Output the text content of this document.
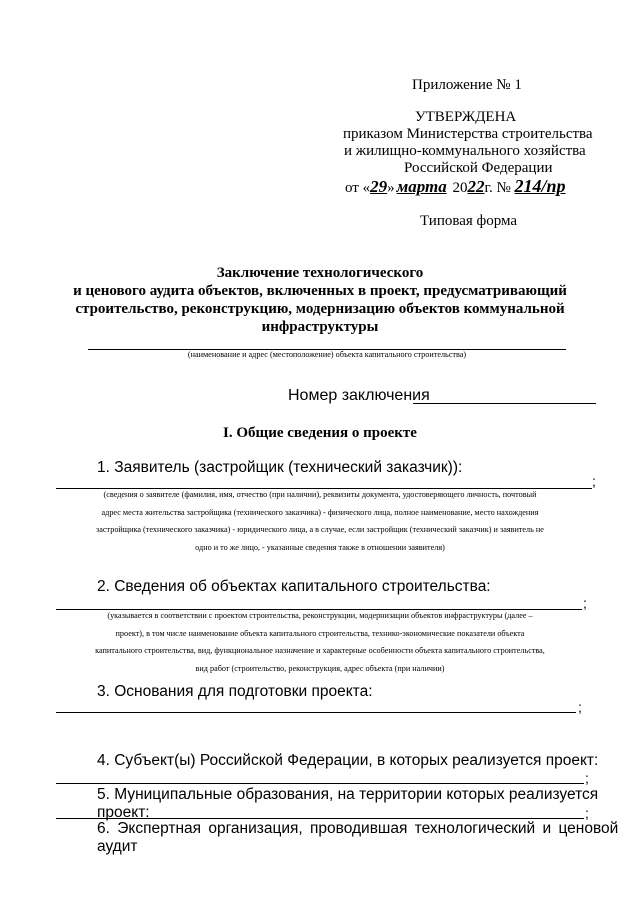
Приложение № 1
УТВЕРЖДЕНА
приказом Министерства строительства
и жилищно-коммунального хозяйства
Российской Федерации
от «29» марта 2022г. № 214/пр
Типовая форма
Заключение технологического
и ценового аудита объектов, включенных в проект, предусматривающий
строительство, реконструкцию, модернизацию объектов коммунальной
инфраструктуры
(наименование и адрес (местоположение) объекта капитального строительства)
Номер заключения
I. Общие сведения о проекте
1. Заявитель (застройщик (технический заказчик)):
;
(сведения о заявителе (фамилия, имя, отчество (при наличии), реквизиты документа, удостоверяющего личность, почтовый
адрес места жительства застройщика (технического заказчика) - физического лица, полное наименование, место нахождения
застройщика (технического заказчика) - юридического лица, а в случае, если застройщик (технический заказчик) и заявитель не
одно и то же лицо, - указанные сведения также в отношении заявителя)
2. Сведения об объектах капитального строительства:
;
(указывается в соответствии с проектом строительства, реконструкции, модернизации объектов инфраструктуры (далее –
проект), в том числе наименование объекта капитального строительства, технико-экономические показатели объекта
капитального строительства, вид, функциональное назначение и характерные особенности объекта капитального строительства,
вид работ (строительство, реконструкция, адрес объекта (при наличии)
3. Основания для подготовки проекта:
;
4. Субъект(ы) Российской Федерации, в которых реализуется проект:
;
5. Муниципальные образования, на территории которых реализуется проект:	;
6. Экспертная организация, проводившая технологический и ценовой аудит
